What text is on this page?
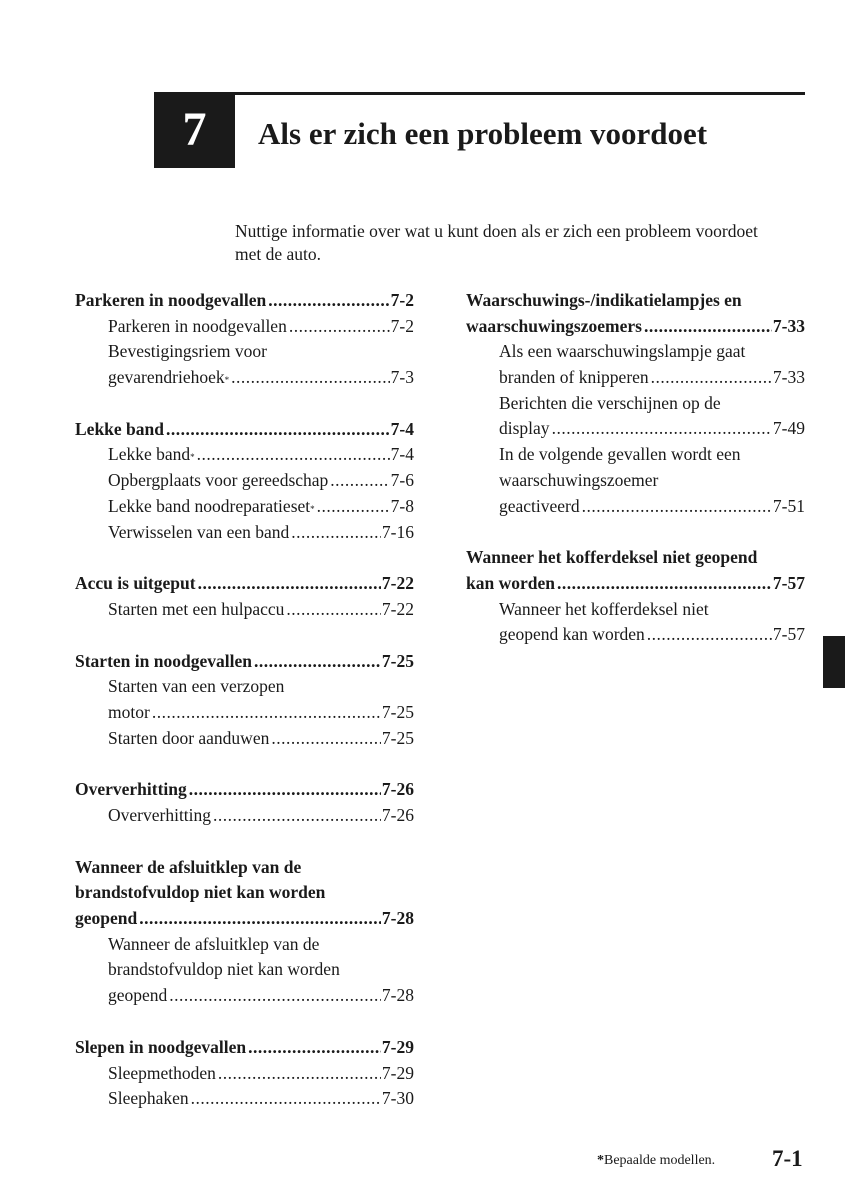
7	Als er zich een probleem voordoet
Nuttige informatie over wat u kunt doen als er zich een probleem voordoet met de auto.
Parkeren in noodgevallen .....	7-2
Parkeren in noodgevallen .....	7-2
Bevestigingsriem voor
gevarendriehoek * .....	7-3
Lekke band .....	7-4
Lekke band * .....	7-4
Opbergplaats voor gereedschap .....	7-6
Lekke band noodreparatieset * .....	7-8
Verwisselen van een band .....	7-16
Accu is uitgeput .....	7-22
Starten met een hulpaccu .....	7-22
Starten in noodgevallen .....	7-25
Starten van een verzopen
motor .....	7-25
Starten door aanduwen .....	7-25
Oververhitting .....	7-26
Oververhitting .....	7-26
Wanneer de afsluitklep van de
brandstofvuldop niet kan worden
geopend .....	7-28
Wanneer de afsluitklep van de
brandstofvuldop niet kan worden
geopend .....	7-28
Slepen in noodgevallen .....	7-29
Sleepmethoden .....	7-29
Sleephaken .....	7-30
Waarschuwings-/indikatielampjes en
waarschuwingszoemers .....	7-33
Als een waarschuwingslampje gaat
branden of knipperen .....	7-33
Berichten die verschijnen op de
display .....	7-49
In de volgende gevallen wordt een
waarschuwingszoemer
geactiveerd .....	7-51
Wanneer het kofferdeksel niet geopend
kan worden .....	7-57
Wanneer het kofferdeksel niet
geopend kan worden .....	7-57
*Bepaalde modellen. 7-1
